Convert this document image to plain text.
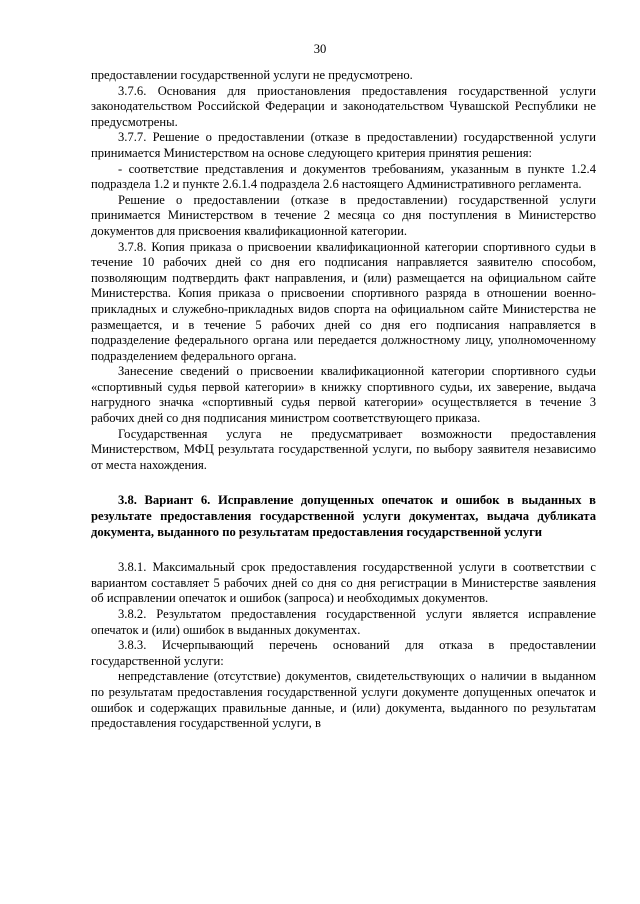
30

предоставлении государственной услуги не предусмотрено.

3.7.6. Основания для приостановления предоставления государственной услуги законодательством Российской Федерации и законодательством Чувашской Республики не предусмотрены.

3.7.7. Решение о предоставлении (отказе в предоставлении) государственной услуги принимается Министерством на основе следующего критерия принятия решения:

- соответствие представления и документов требованиям, указанным в пункте 1.2.4 подраздела 1.2 и пункте 2.6.1.4 подраздела 2.6 настоящего Административного регламента.

Решение о предоставлении (отказе в предоставлении) государственной услуги принимается Министерством в течение 2 месяца со дня поступления в Министерство документов для присвоения квалификационной категории.

3.7.8. Копия приказа о присвоении квалификационной категории спортивного судьи в течение 10 рабочих дней со дня его подписания направляется заявителю способом, позволяющим подтвердить факт направления, и (или) размещается на официальном сайте Министерства. Копия приказа о присвоении спортивного разряда в отношении военно-прикладных и служебно-прикладных видов спорта на официальном сайте Министерства не размещается, и в течение 5 рабочих дней со дня его подписания направляется в подразделение федерального органа или передается должностному лицу, уполномоченному подразделением федерального органа.

Занесение сведений о присвоении квалификационной категории спортивного судьи «спортивный судья первой категории» в книжку спортивного судьи, их заверение, выдача нагрудного значка «спортивный судья первой категории» осуществляется в течение 3 рабочих дней со дня подписания министром соответствующего приказа.

Государственная услуга не предусматривает возможности предоставления Министерством, МФЦ результата государственной услуги, по выбору заявителя независимо от места нахождения.

3.8. Вариант 6. Исправление допущенных опечаток и ошибок в выданных в результате предоставления государственной услуги документах, выдача дубликата документа, выданного по результатам предоставления государственной услуги

3.8.1. Максимальный срок предоставления государственной услуги в соответствии с вариантом составляет 5 рабочих дней со дня со дня регистрации в Министерстве заявления об исправлении опечаток и ошибок (запроса) и необходимых документов.

3.8.2. Результатом предоставления государственной услуги является исправление опечаток и (или) ошибок в выданных документах.

3.8.3. Исчерпывающий перечень оснований для отказа в предоставлении государственной услуги:

непредставление (отсутствие) документов, свидетельствующих о наличии в выданном по результатам предоставления государственной услуги документе допущенных опечаток и ошибок и содержащих правильные данные, и (или) документа, выданного по результатам предоставления государственной услуги, в
